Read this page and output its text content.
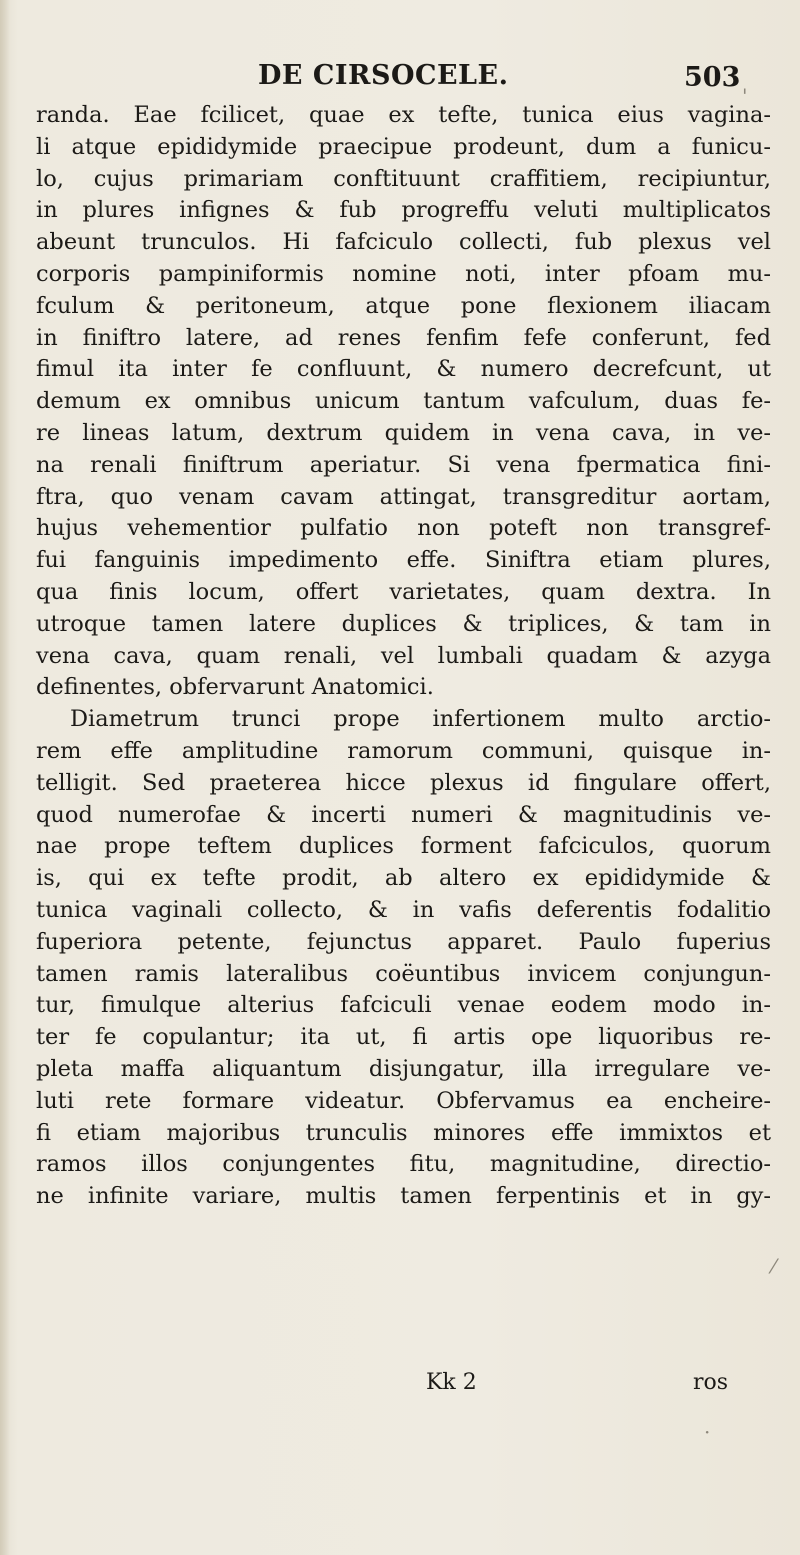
DE CIRSOCELE.	503
randa. Eae fcilicet, quae ex tefte, tunica eius vagina-
li atque epididymide praecipue prodeunt, dum a funicu-
lo, cujus primariam conftituunt craffitiem, recipiuntur,
in plures infignes & fub progreffu veluti multiplicatos
abeunt trunculos. Hi fafciculo collecti, fub plexus vel
corporis pampiniformis nomine noti, inter pfoam mu-
fculum & peritoneum, atque pone flexionem iliacam
in finiftro latere, ad renes fenfim fefe conferunt, fed
fimul ita inter fe confluunt, & numero decrefcunt, ut
demum ex omnibus unicum tantum vafculum, duas fe-
re lineas latum, dextrum quidem in vena cava, in ve-
na renali finiftrum aperiatur. Si vena fpermatica fini-
ftra, quo venam cavam attingat, transgreditur aortam,
hujus vehementior pulfatio non poteft non transgref-
fui fanguinis impedimento effe. Siniftra etiam plures,
qua finis locum, offert varietates, quam dextra. In
utroque tamen latere duplices & triplices, & tam in
vena cava, quam renali, vel lumbali quadam & azyga
definentes, obfervarunt Anatomici.
Diametrum trunci prope infertionem multo arctio-
rem effe amplitudine ramorum communi, quisque in-
telligit. Sed praeterea hicce plexus id fingulare offert,
quod numerofae & incerti numeri & magnitudinis ve-
nae prope teftem duplices forment fafciculos, quorum
is, qui ex tefte prodit, ab altero ex epididymide &
tunica vaginali collecto, & in vafis deferentis fodalitio
fuperiora petente, fejunctus apparet. Paulo fuperius
tamen ramis lateralibus coëuntibus invicem conjungun-
tur, fimulque alterius fafciculi venae eodem modo in-
ter fe copulantur; ita ut, fi artis ope liquoribus re-
pleta maffa aliquantum disjungatur, illa irregulare ve-
luti rete formare videatur. Obfervamus ea encheire-
fi etiam majoribus trunculis minores effe immixtos et
ramos illos conjungentes fitu, magnitudine, directio-
ne infinite variare, multis tamen ferpentinis et in gy-
Kk 2	ros
'
⁄
·
